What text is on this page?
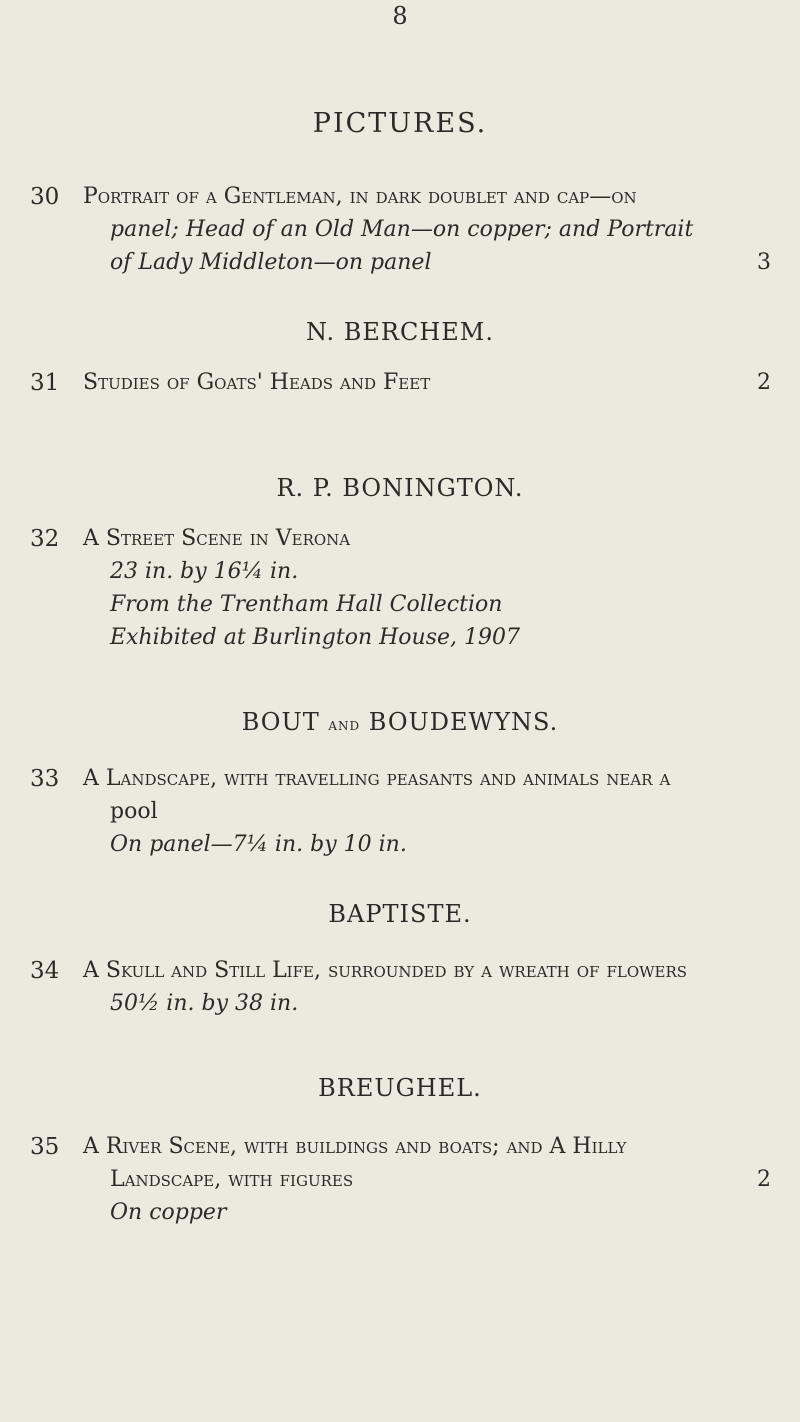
8
PICTURES.
30 Portrait of a Gentleman, in dark doublet and cap—on
panel; Head of an Old Man—on copper; and Portrait
of Lady Middleton—on panel	3
N. BERCHEM.
31 Studies of Goats' Heads and Feet	2
R. P. BONINGTON.
32 A Street Scene in Verona
23 in. by 16¼ in.
From the Trentham Hall Collection
Exhibited at Burlington House, 1907
BOUT and BOUDEWYNS.
33 A Landscape, with travelling peasants and animals near a
pool
On panel—7¼ in. by 10 in.
BAPTISTE.
34 A Skull and Still Life, surrounded by a wreath of flowers
50½ in. by 38 in.
BREUGHEL.
35 A River Scene, with buildings and boats; and A Hilly
Landscape, with figures
On copper
2
